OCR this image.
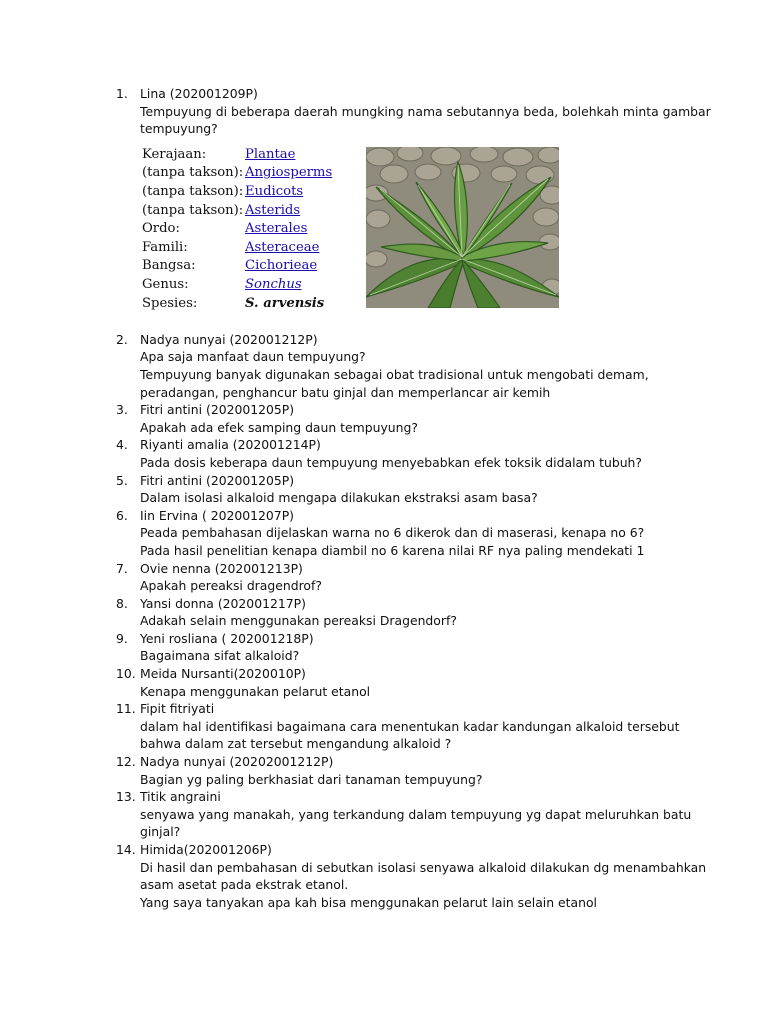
1. Lina (202001209P)
Tempuyung di beberapa daerah mungking nama sebutannya beda, bolehkah minta gambar
tempuyung?
Kerajaan:	Plantae
(tanpa takson): Angiosperms
(tanpa takson): Eudicots
(tanpa takson): Asterids
Ordo:	Asterales
Famili:	Asteraceae
Bangsa:	Cichorieae
Genus:	Sonchus
Spesies:	S. arvensis
2. Nadya nunyai (202001212P)
Apa saja manfaat daun tempuyung?
Tempuyung banyak digunakan sebagai obat tradisional untuk mengobati demam,
peradangan, penghancur batu ginjal dan memperlancar air kemih
3. Fitri antini (202001205P)
Apakah ada efek samping daun tempuyung?
4. Riyanti amalia (202001214P)
Pada dosis keberapa daun tempuyung menyebabkan efek toksik didalam tubuh?
5. Fitri antini (202001205P)
Dalam isolasi alkaloid mengapa dilakukan ekstraksi asam basa?
6. Iin Ervina ( 202001207P)
Peada pembahasan dijelaskan warna no 6 dikerok dan di maserasi, kenapa no 6?
Pada hasil penelitian kenapa diambil no 6 karena nilai RF nya paling mendekati 1
7. Ovie nenna (202001213P)
Apakah pereaksi dragendrof?
8. Yansi donna (202001217P)
Adakah selain menggunakan pereaksi Dragendorf?
9. Yeni rosliana ( 202001218P)
Bagaimana sifat alkaloid?
10. Meida Nursanti(2020010P)
Kenapa menggunakan pelarut etanol
11. Fipit fitriyati
dalam hal identifikasi bagaimana cara menentukan kadar kandungan alkaloid tersebut
bahwa dalam zat tersebut mengandung alkaloid ?
12. Nadya nunyai (20202001212P)
Bagian yg paling berkhasiat dari tanaman tempuyung?
13. Titik angraini
senyawa yang manakah, yang terkandung dalam tempuyung yg dapat meluruhkan batu
ginjal?
14. Himida(202001206P)
Di hasil dan pembahasan di sebutkan isolasi senyawa alkaloid dilakukan dg menambahkan
asam asetat pada ekstrak etanol.
Yang saya tanyakan apa kah bisa menggunakan pelarut lain selain etanol
